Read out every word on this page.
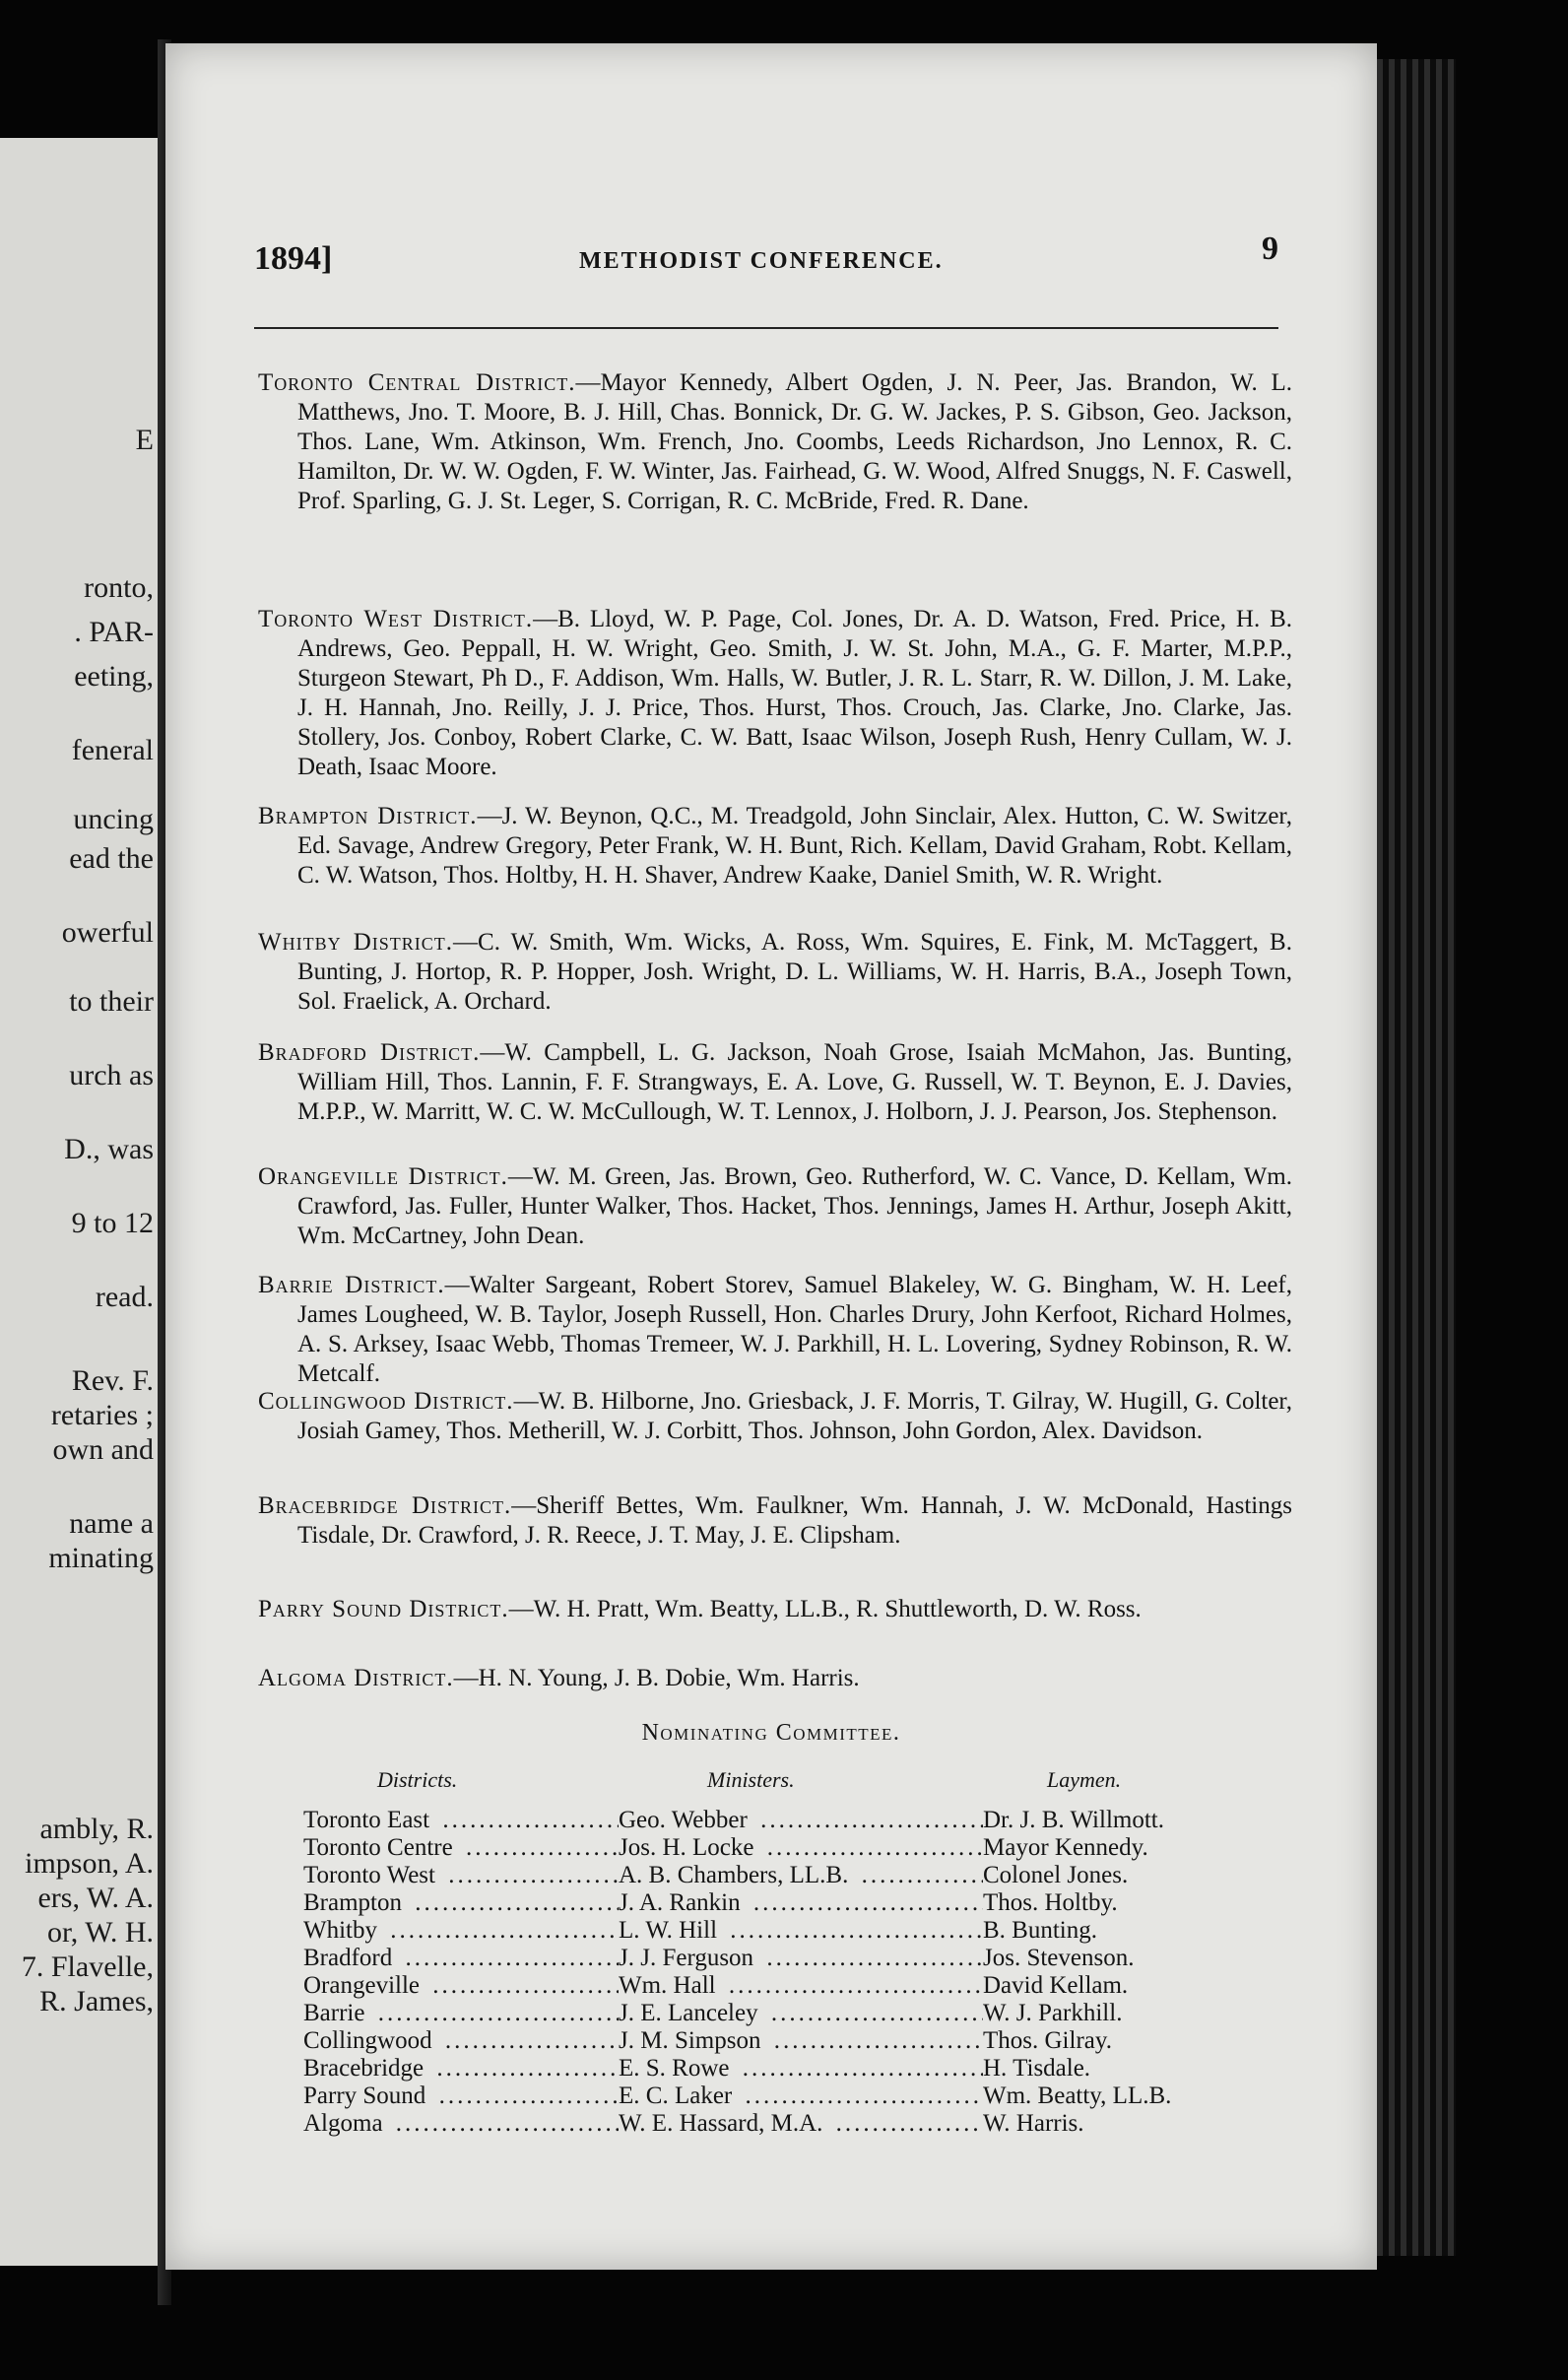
E
ronto,
. PAR-
eeting,
feneral
uncing
ead the
owerful
to their
urch as
D., was
9 to 12
read.
Rev. F.
retaries ;
own and
name a
minating
ambly, R.
impson, A.
ers, W. A.
or, W. H.
7. Flavelle,
R. James,
1894]	METHODIST CONFERENCE.	9
Toronto Central District.—Mayor Kennedy, Albert Ogden, J. N. Peer, Jas. Brandon, W. L. Matthews, Jno. T. Moore, B. J. Hill, Chas. Bonnick, Dr. G. W. Jackes, P. S. Gibson, Geo. Jackson, Thos. Lane, Wm. Atkinson, Wm. French, Jno. Coombs, Leeds Richardson, Jno Lennox, R. C. Hamilton, Dr. W. W. Ogden, F. W. Winter, Jas. Fairhead, G. W. Wood, Alfred Snuggs, N. F. Caswell, Prof. Sparling, G. J. St. Leger, S. Corrigan, R. C. McBride, Fred. R. Dane.
Toronto West District.—B. Lloyd, W. P. Page, Col. Jones, Dr. A. D. Watson, Fred. Price, H. B. Andrews, Geo. Peppall, H. W. Wright, Geo. Smith, J. W. St. John, M.A., G. F. Marter, M.P.P., Sturgeon Stewart, Ph D., F. Addison, Wm. Halls, W. Butler, J. R. L. Starr, R. W. Dillon, J. M. Lake, J. H. Hannah, Jno. Reilly, J. J. Price, Thos. Hurst, Thos. Crouch, Jas. Clarke, Jno. Clarke, Jas. Stollery, Jos. Conboy, Robert Clarke, C. W. Batt, Isaac Wilson, Joseph Rush, Henry Cullam, W. J. Death, Isaac Moore.
Brampton District.—J. W. Beynon, Q.C., M. Treadgold, John Sinclair, Alex. Hutton, C. W. Switzer, Ed. Savage, Andrew Gregory, Peter Frank, W. H. Bunt, Rich. Kellam, David Graham, Robt. Kellam, C. W. Watson, Thos. Holtby, H. H. Shaver, Andrew Kaake, Daniel Smith, W. R. Wright.
Whitby District.—C. W. Smith, Wm. Wicks, A. Ross, Wm. Squires, E. Fink, M. McTaggert, B. Bunting, J. Hortop, R. P. Hopper, Josh. Wright, D. L. Williams, W. H. Harris, B.A., Joseph Town, Sol. Fraelick, A. Orchard.
Bradford District.—W. Campbell, L. G. Jackson, Noah Grose, Isaiah McMahon, Jas. Bunting, William Hill, Thos. Lannin, F. F. Strangways, E. A. Love, G. Russell, W. T. Beynon, E. J. Davies, M.P.P., W. Marritt, W. C. W. McCullough, W. T. Lennox, J. Holborn, J. J. Pearson, Jos. Stephenson.
Orangeville District.—W. M. Green, Jas. Brown, Geo. Rutherford, W. C. Vance, D. Kellam, Wm. Crawford, Jas. Fuller, Hunter Walker, Thos. Hacket, Thos. Jennings, James H. Arthur, Joseph Akitt, Wm. McCartney, John Dean.
Barrie District.—Walter Sargeant, Robert Storev, Samuel Blakeley, W. G. Bingham, W. H. Leef, James Lougheed, W. B. Taylor, Joseph Russell, Hon. Charles Drury, John Kerfoot, Richard Holmes, A. S. Arksey, Isaac Webb, Thomas Tremeer, W. J. Parkhill, H. L. Lovering, Sydney Robinson, R. W. Metcalf.
Collingwood District.—W. B. Hilborne, Jno. Griesback, J. F. Morris, T. Gilray, W. Hugill, G. Colter, Josiah Gamey, Thos. Metherill, W. J. Corbitt, Thos. Johnson, John Gordon, Alex. Davidson.
Bracebridge District.—Sheriff Bettes, Wm. Faulkner, Wm. Hannah, J. W. McDonald, Hastings Tisdale, Dr. Crawford, J. R. Reece, J. T. May, J. E. Clipsham.
Parry Sound District.—W. H. Pratt, Wm. Beatty, LL.B., R. Shuttleworth, D. W. Ross.
Algoma District.—H. N. Young, J. B. Dobie, Wm. Harris.
Nominating Committee.
Districts.	Ministers.	Laymen.
Toronto East .....	Geo. Webber .....	Dr. J. B. Willmott.
Toronto Centre .....	Jos. H. Locke .....	Mayor Kennedy.
Toronto West .....	A. B. Chambers, LL.B. .....	Colonel Jones.
Brampton .....	J. A. Rankin .....	Thos. Holtby.
Whitby .....	L. W. Hill .....	B. Bunting.
Bradford .....	J. J. Ferguson .....	Jos. Stevenson.
Orangeville .....	Wm. Hall .....	David Kellam.
Barrie .....	J. E. Lanceley .....	W. J. Parkhill.
Collingwood .....	J. M. Simpson .....	Thos. Gilray.
Bracebridge .....	E. S. Rowe .....	H. Tisdale.
Parry Sound .....	E. C. Laker .....	Wm. Beatty, LL.B.
Algoma .....	W. E. Hassard, M.A. .....	W. Harris.
